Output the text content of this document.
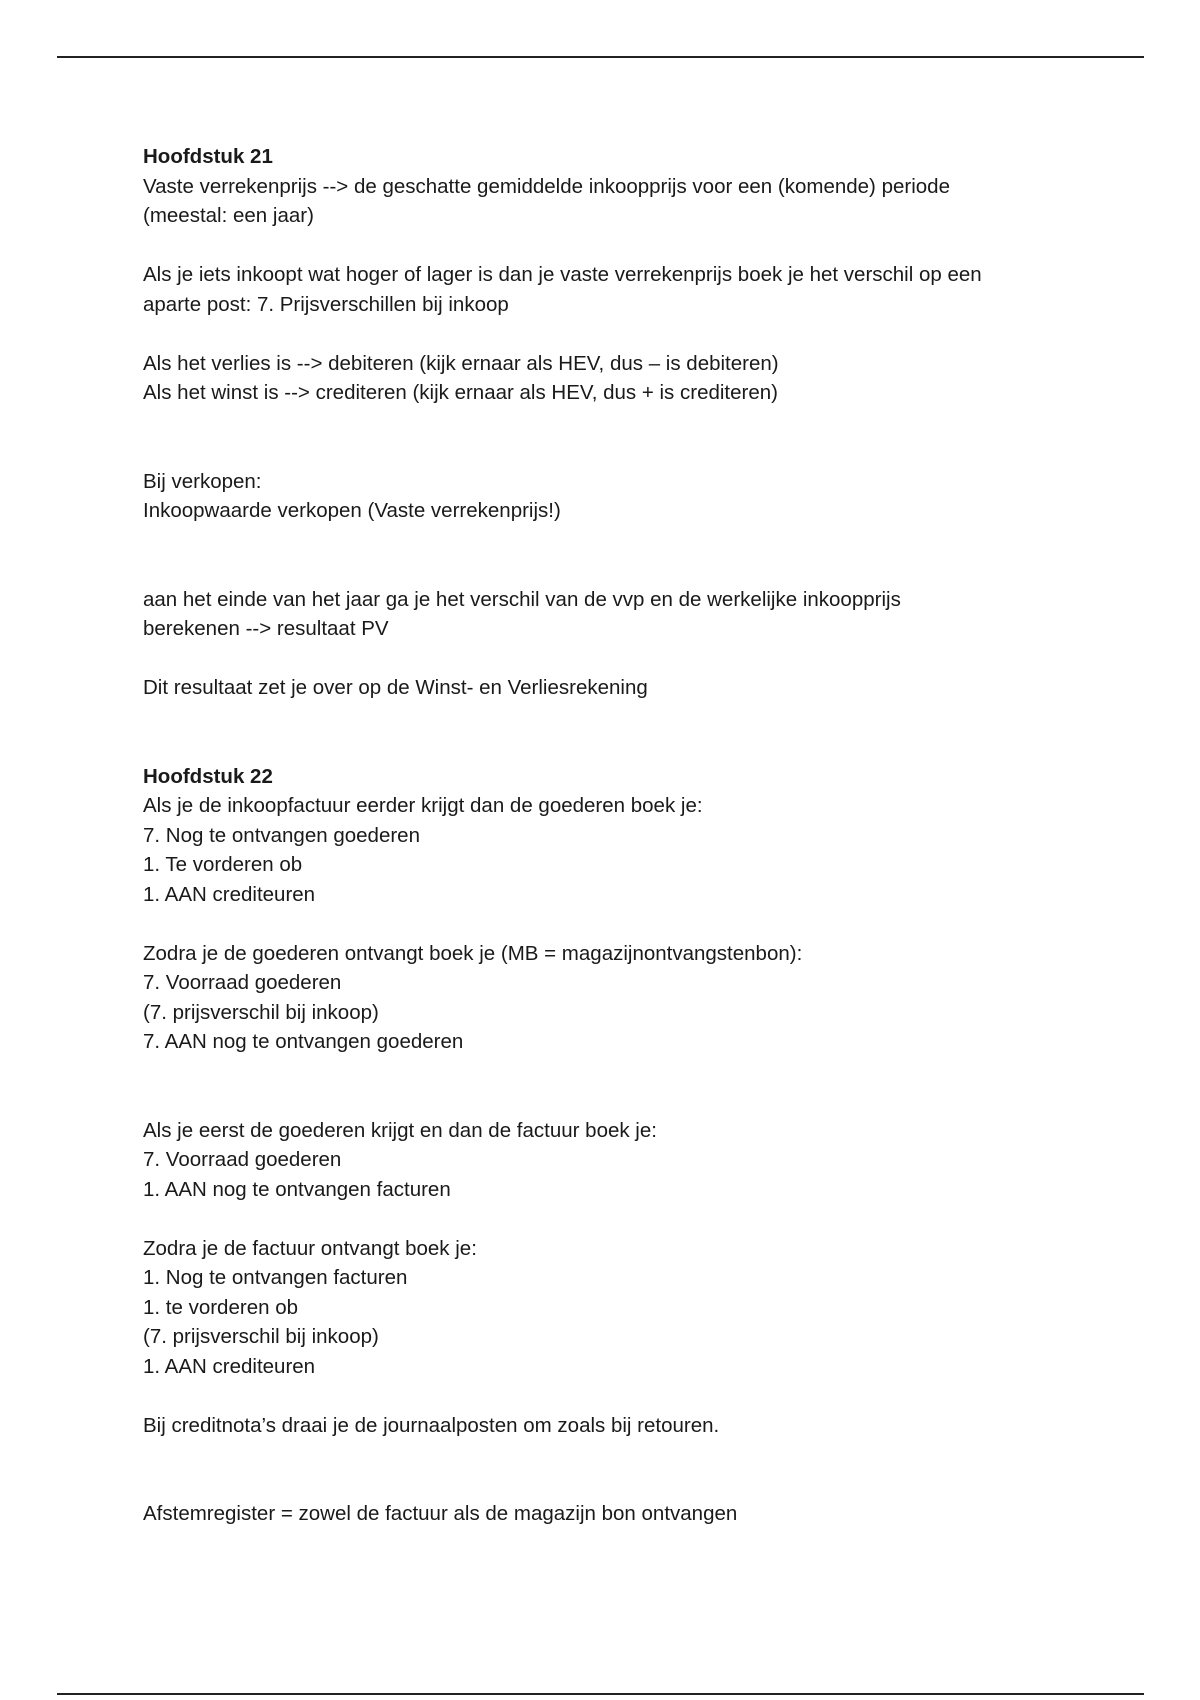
Hoofdstuk 21
Vaste verrekenprijs --> de geschatte gemiddelde inkoopprijs voor een (komende) periode
(meestal: een jaar)
Als je iets inkoopt wat hoger of lager is dan je vaste verrekenprijs boek je het verschil op een
aparte post: 7. Prijsverschillen bij inkoop
Als het verlies is --> debiteren (kijk ernaar als HEV, dus – is debiteren)
Als het winst is --> crediteren (kijk ernaar als HEV, dus + is crediteren)
Bij verkopen:
Inkoopwaarde verkopen (Vaste verrekenprijs!)
aan het einde van het jaar ga je het verschil van de vvp en de werkelijke inkoopprijs
berekenen --> resultaat PV
Dit resultaat zet je over op de Winst- en Verliesrekening
Hoofdstuk 22
Als je de inkoopfactuur eerder krijgt dan de goederen boek je:
7. Nog te ontvangen goederen
1. Te vorderen ob
1. AAN crediteuren
Zodra je de goederen ontvangt boek je (MB = magazijnontvangstenbon):
7. Voorraad goederen
(7. prijsverschil bij inkoop)
7. AAN nog te ontvangen goederen
Als je eerst de goederen krijgt en dan de factuur boek je:
7. Voorraad goederen
1. AAN nog te ontvangen facturen
Zodra je de factuur ontvangt boek je:
1. Nog te ontvangen facturen
1. te vorderen ob
(7. prijsverschil bij inkoop)
1. AAN crediteuren
Bij creditnota’s draai je de journaalposten om zoals bij retouren.
Afstemregister = zowel de factuur als de magazijn bon ontvangen
